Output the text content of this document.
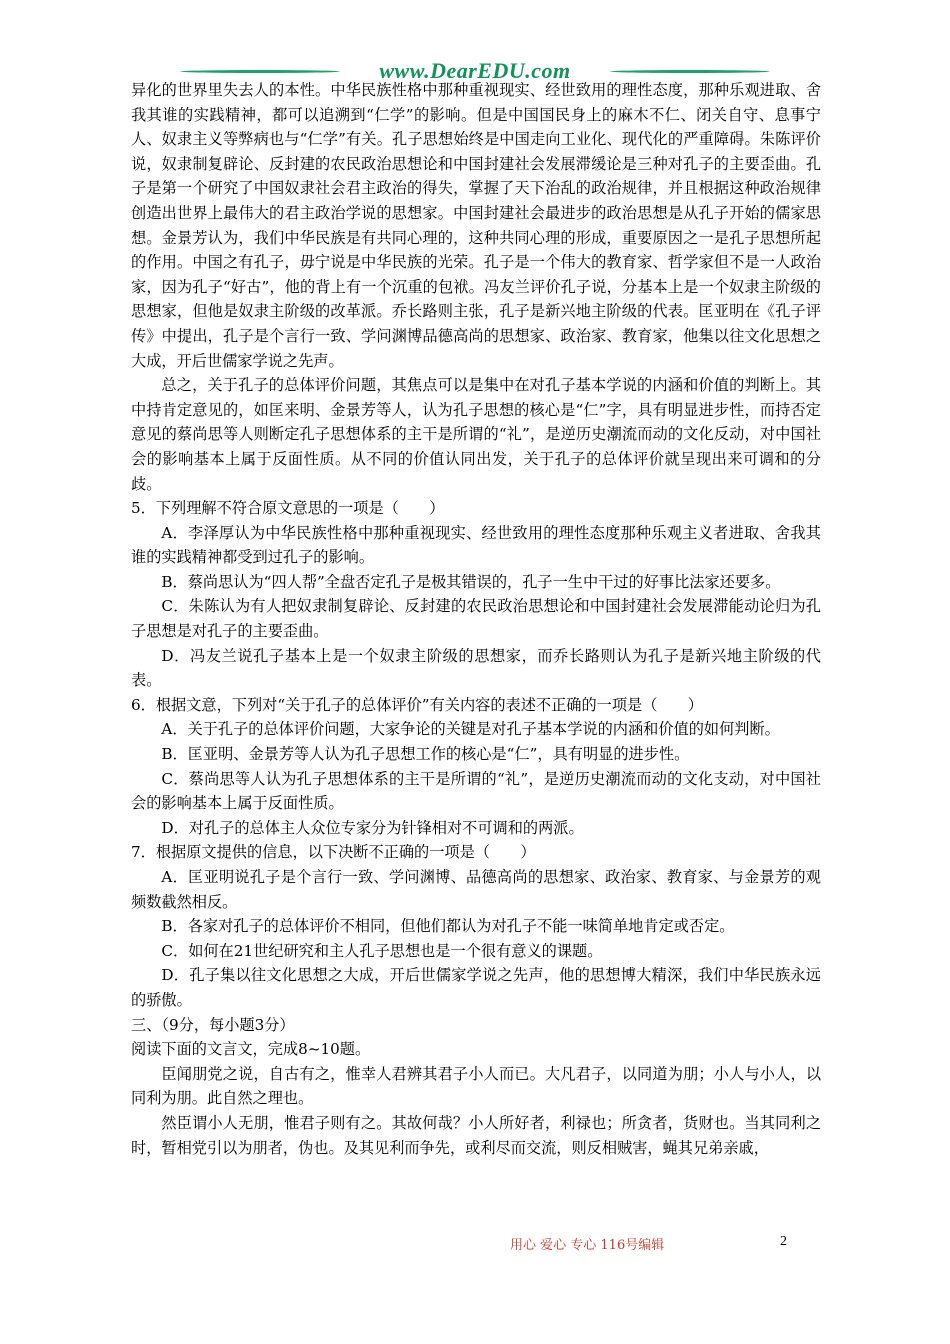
www.DearEDU.com

异化的世界里失去人的本性。中华民族性格中那种重视现实、经世致用的理性态度，那种乐观进取、舍我其谁的实践精神，都可以追溯到“仁学”的影响。但是中国国民身上的麻木不仁、闭关自守、息事宁人、奴隶主义等弊病也与“仁学”有关。孔子思想始终是中国走向工业化、现代化的严重障碍。朱陈评价说，奴隶制复辟论、反封建的农民政治思想论和中国封建社会发展滞缓论是三种对孔子的主要歪曲。孔子是第一个研究了中国奴隶社会君主政治的得失，掌握了天下治乱的政治规律，并且根据这种政治规律创造出世界上最伟大的君主政治学说的思想家。中国封建社会最进步的政治思想是从孔子开始的儒家思想。金景芳认为，我们中华民族是有共同心理的，这种共同心理的形成，重要原因之一是孔子思想所起的作用。中国之有孔子，毋宁说是中华民族的光荣。孔子是一个伟大的教育家、哲学家但不是一人政治家，因为孔子“好古”，他的背上有一个沉重的包袱。冯友兰评价孔子说，分基本上是一个奴隶主阶级的思想家，但他是奴隶主阶级的改革派。乔长路则主张，孔子是新兴地主阶级的代表。匡亚明在《孔子评传》中提出，孔子是个言行一致、学问渊博品德高尚的思想家、政治家、教育家，他集以往文化思想之大成，开后世儒家学说之先声。

总之，关于孔子的总体评价问题，其焦点可以是集中在对孔子基本学说的内涵和价值的判断上。其中持肯定意见的，如匡来明、金景芳等人，认为孔子思想的核心是“仁”字，具有明显进步性，而持否定意见的蔡尚思等人则断定孔子思想体系的主干是所谓的“礼”，是逆历史潮流而动的文化反动，对中国社会的影响基本上属于反面性质。从不同的价值认同出发，关于孔子的总体评价就呈现出来可调和的分歧。

5．下列理解不符合原文意思的一项是（　　）

A．李泽厚认为中华民族性格中那种重视现实、经世致用的理性态度那种乐观主义者进取、舍我其谁的实践精神都受到过孔子的影响。

B．蔡尚思认为“四人帮”全盘否定孔子是极其错误的，孔子一生中干过的好事比法家还要多。

C．朱陈认为有人把奴隶制复辟论、反封建的农民政治思想论和中国封建社会发展滞能动论归为孔子思想是对孔子的主要歪曲。

D．冯友兰说孔子基本上是一个奴隶主阶级的思想家，而乔长路则认为孔子是新兴地主阶级的代表。

6．根据文意，下列对“关于孔子的总体评价”有关内容的表述不正确的一项是（　　）

A．关于孔子的总体评价问题，大家争论的关键是对孔子基本学说的内涵和价值的如何判断。

B．匡亚明、金景芳等人认为孔子思想工作的核心是“仁”，具有明显的进步性。

C．蔡尚思等人认为孔子思想体系的主干是所谓的“礼”，是逆历史潮流而动的文化支动，对中国社会的影响基本上属于反面性质。

D．对孔子的总体主人众位专家分为针锋相对不可调和的两派。

7．根据原文提供的信息，以下决断不正确的一项是（　　）

A．匡亚明说孔子是个言行一致、学问渊博、品德高尚的思想家、政治家、教育家、与金景芳的观频数截然相反。

B．各家对孔子的总体评价不相同，但他们都认为对孔子不能一味简单地肯定或否定。

C．如何在21世纪研究和主人孔子思想也是一个很有意义的课题。

D．孔子集以往文化思想之大成，开后世儒家学说之先声，他的思想博大精深，我们中华民族永远的骄傲。

三、（9分，每小题3分）

阅读下面的文言文，完成8~10题。

臣闻朋党之说，自古有之，惟幸人君辨其君子小人而已。大凡君子，以同道为朋；小人与小人，以同利为朋。此自然之理也。

然臣谓小人无朋，惟君子则有之。其故何哉？小人所好者，利禄也；所贪者，货财也。当其同利之时，暂相党引以为朋者，伪也。及其见利而争先，或利尽而交流，则反相贼害，蝇其兄弟亲戚，

用心 爱心 专心 116号编辑	2
